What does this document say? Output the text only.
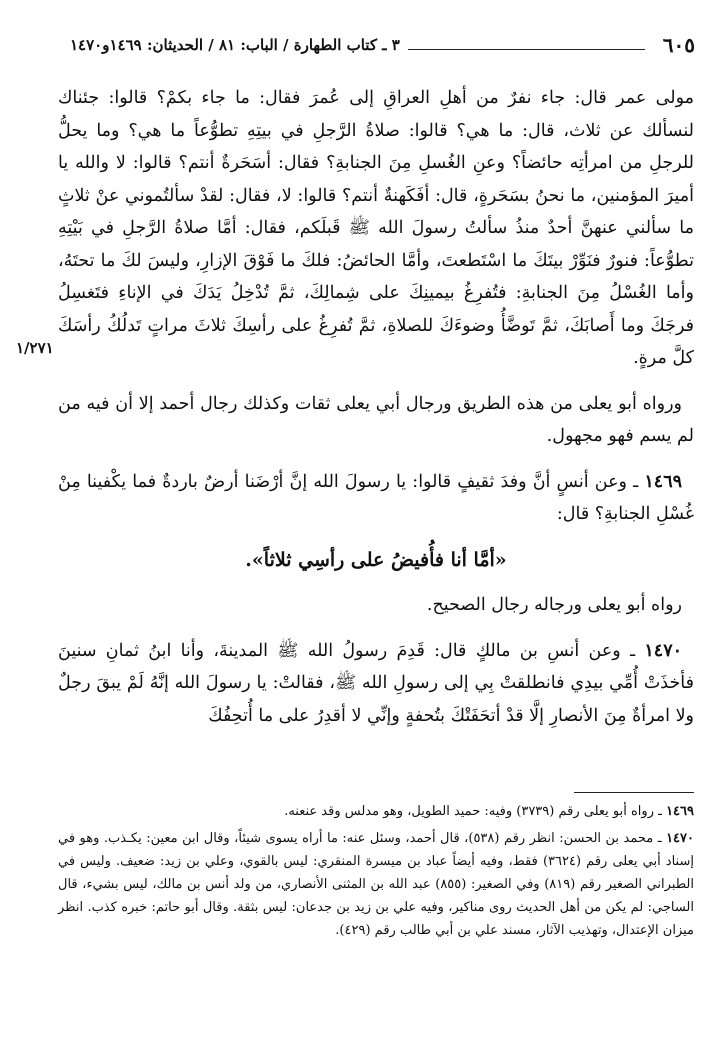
٦٠٥
٣ ـ كتاب الطهارة / الباب: ٨١ / الحديثان: ١٤٦٩و١٤٧٠
١/٢٧١

مولى عمر قال: جاء نفرٌ من أهلِ العراقِ إلى عُمرَ فقال: ما جاء بكمْ؟ قالوا: جئناك لنسألك عن ثلاث، قال: ما هي؟ قالوا: صلاةُ الرَّجلِ في بيتِهِ تطوُّعاً ما هي؟ وما يحلُّ للرجلِ من امرأتِه حائضاً؟ وعنِ الغُسلِ مِنَ الجنابةِ؟ فقال: أسَحَرةٌ أنتم؟ قالوا: لا والله يا أميرَ المؤمنين، ما نحنُ بسَحَرةٍ، قال: أفَكَهنةٌ أنتم؟ قالوا: لا، فقال: لقدْ سألتُموني عنْ ثلاثٍ ما سألني عنهنَّ أحدٌ منذُ سألتُ رسولَ الله ﷺ قَبلَكم، فقال: أمَّا صلاةُ الرَّجلِ في بَيْتِهِ تطوُّعاً: فنورٌ فنَوِّرْ بيتَكَ ما اسْتَطعتَ، وأمَّا الحائضُ: فلكَ ما فَوْقَ الإزارِ، وليسَ لكَ ما تحتَهُ، وأما الغُسْلُ مِنَ الجنابةِ: فتُفرِغُ بيمينِكَ على شِمالِكَ، ثمَّ تُدْخِلُ يَدَكَ في الإناءِ فتَغسِلُ فرجَكَ وما أَصابَكَ، ثمَّ تَوضَّأُ وضوءَكَ للصلاةِ، ثمَّ تُفرِغُ على رأسِكَ ثلاثَ مراتٍ تَدلُكُ رأسَكَ كلَّ مرةٍ.

ورواه أبو يعلى من هذه الطريق ورجال أبي يعلى ثقات وكذلك رجال أحمد إلا أن فيه من لم يسم فهو مجهول.

١٤٦٩ ـ وعن أنسٍ أنَّ وفدَ ثقيفٍ قالوا: يا رسولَ الله إنَّ أرْضَنا أرضٌ باردةٌ فما يكْفينا مِنْ غُسْلِ الجنابةِ؟ قال:

«أمَّا أنا فأُفيضُ على رأسِي ثلاثاً».

رواه أبو يعلى ورجاله رجال الصحيح.

١٤٧٠ ـ وعن أنسِ بن مالكٍ قال: قَدِمَ رسولُ الله ﷺ المدينةَ، وأنا ابنُ ثمانِ سنينَ فأخذَتْ أُمِّي بيدِي فانطلقتْ بِي إلى رسولِ الله ﷺ، فقالتْ: يا رسولَ الله إنَّهُ لَمْ يبقَ رجلٌ ولا امرأةٌ مِنَ الأنصارِ إلَّا قدْ أتحَفَتْكَ بتُحفةٍ وإنِّي لا أقدِرُ على ما أُتحِفُكَ

١٤٦٩ ـ رواه أبو يعلى رقم (٣٧٣٩) وفيه: حميد الطويل، وهو مدلس وقد عنعنه.

١٤٧٠ ـ محمد بن الحسن: انظر رقم (٥٣٨)، قال أحمد، وسئل عنه: ما أراه يسوى شيئاً، وقال ابن معين: يكـذب. وهو في إسناد أبي يعلى رقم (٣٦٢٤) فقط، وفيه أيضاً عباد بن ميسرة المنقري: ليس بالقوي، وعلي بن زيد: ضعيف. وليس في الطبراني الصغير رقم (٨١٩) وفي الصغير: (٨٥٥) عبد الله بن المثنى الأنصاري، من ولد أنس بن مالك، ليس بشيء، قال الساجي: لم يكن من أهل الحديث روى مناكير، وفيه علي بن زيد بن جدعان: ليس بثقة. وقال أبو حاتم: خبره كذب. انظر ميزان الإعتدال، وتهذيب الآثار، مسند علي بن أبي طالب رقم (٤٢٩).
